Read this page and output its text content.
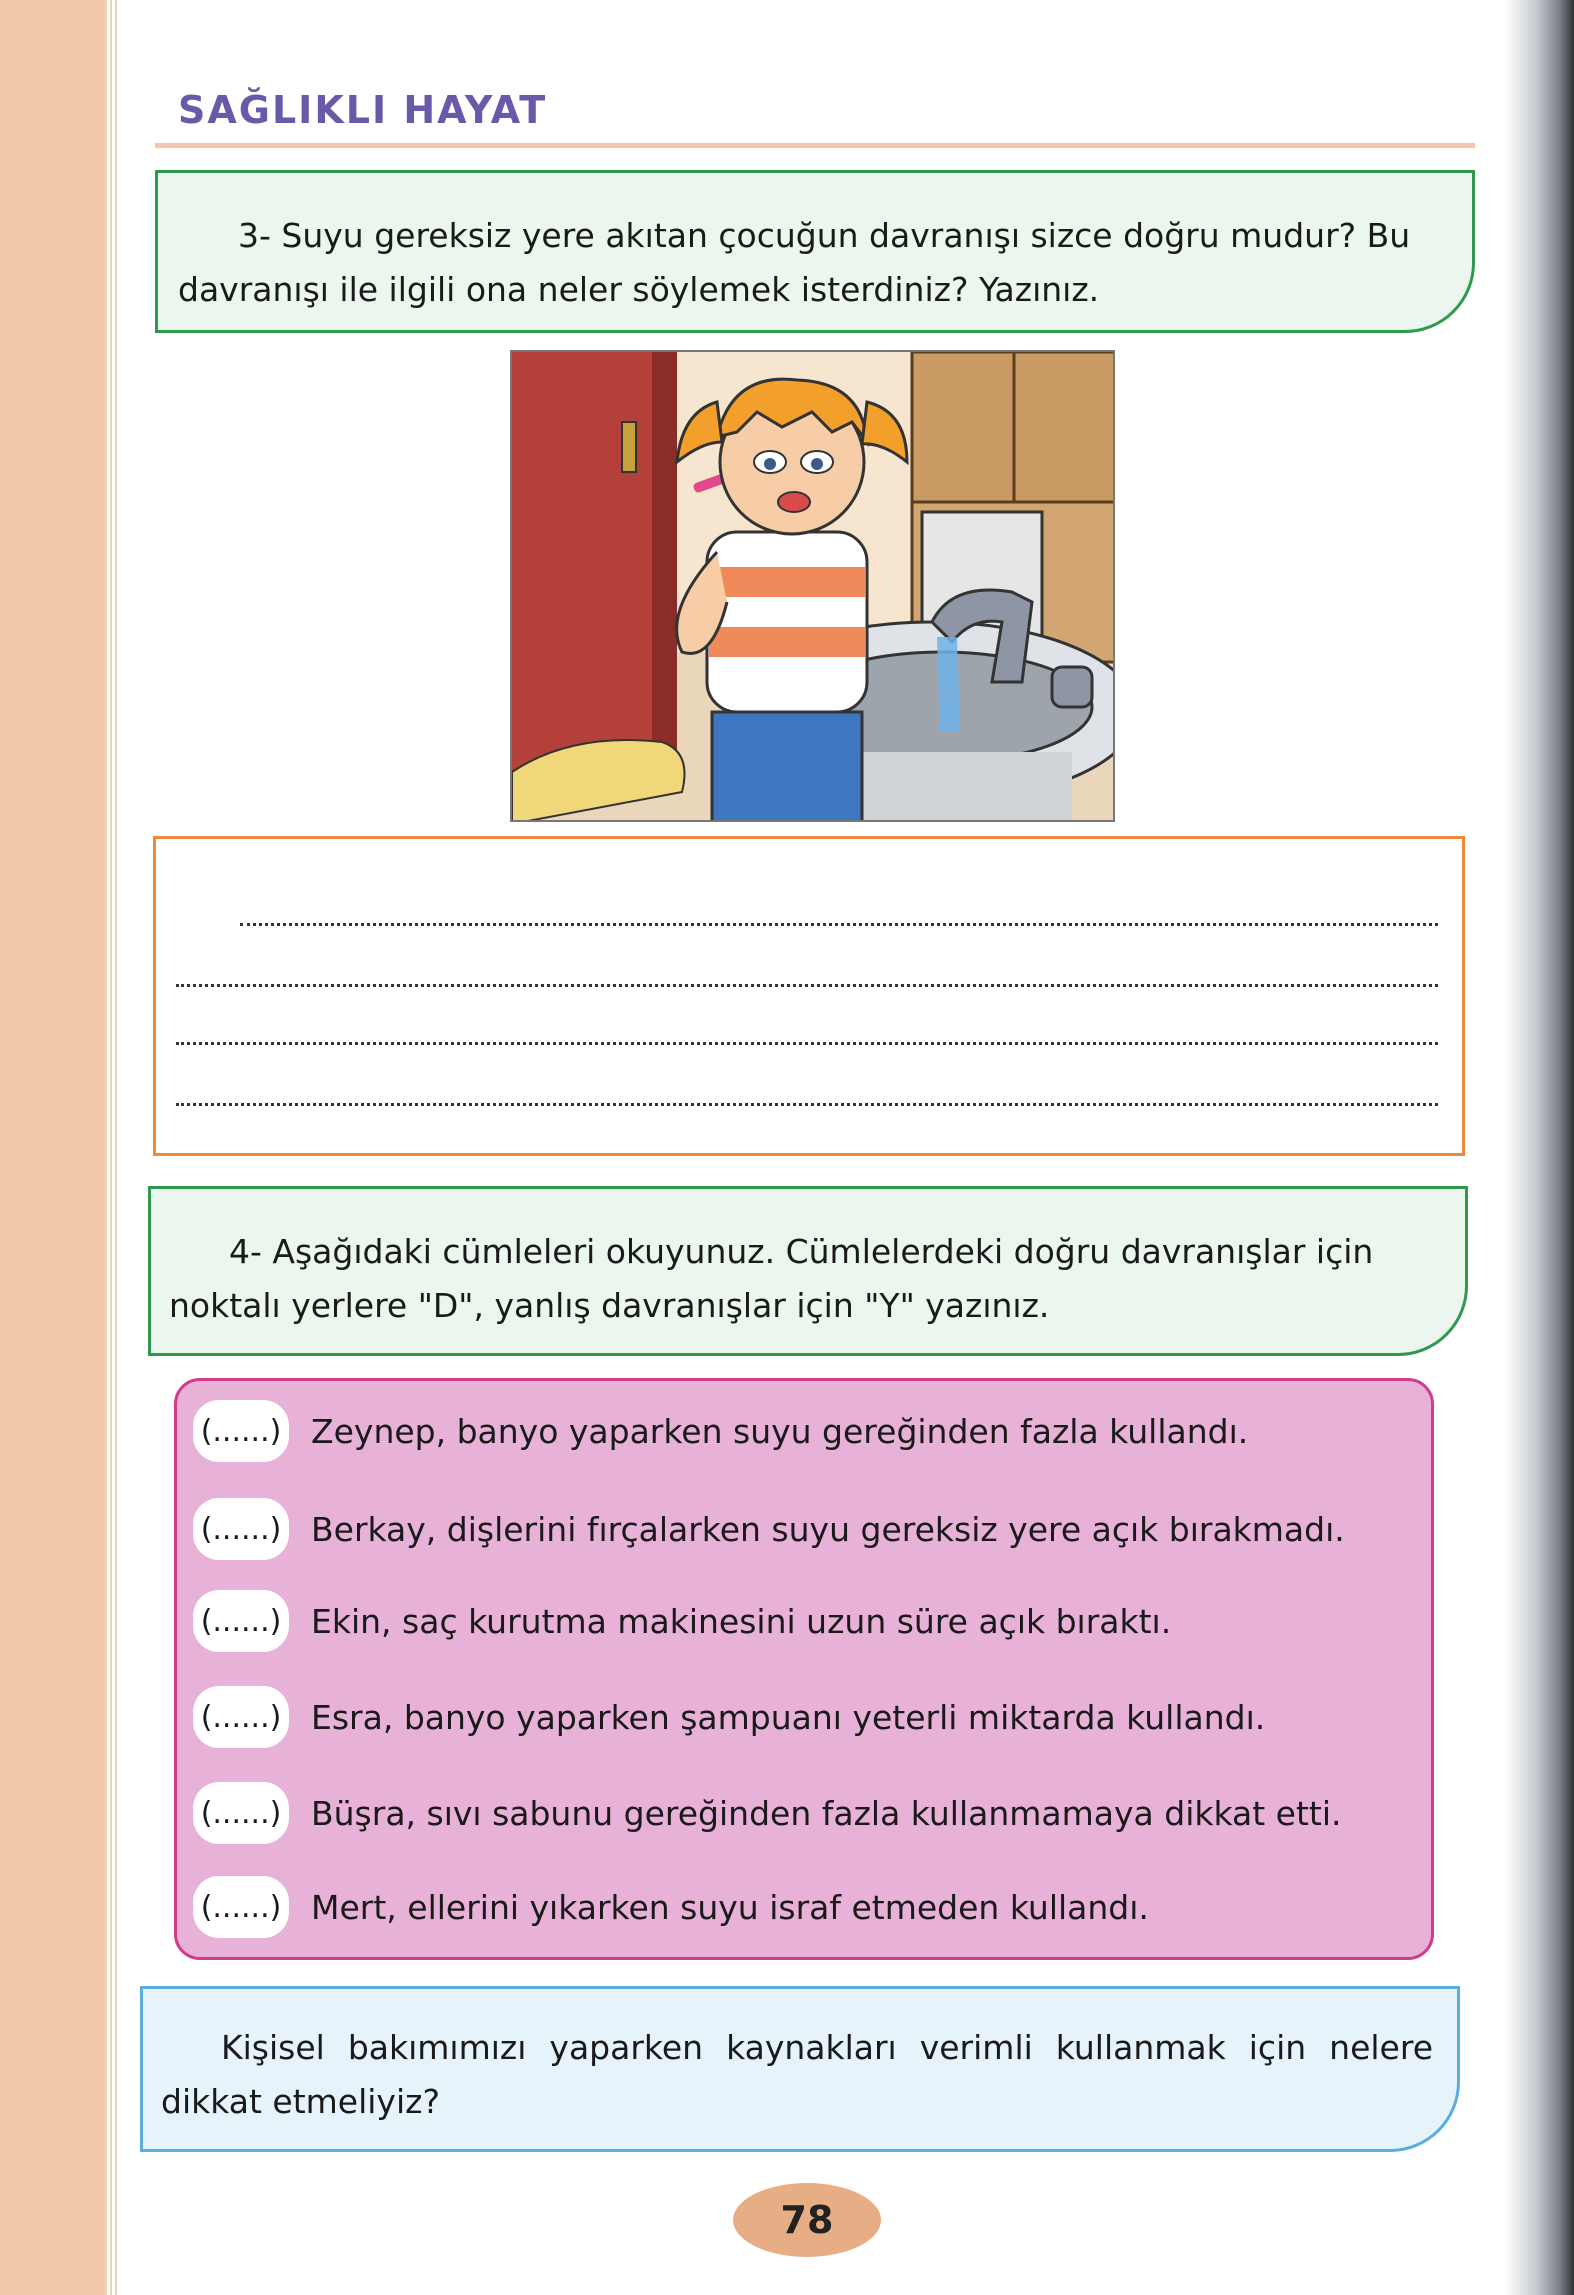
SAĞLIKLI HAYAT
3- Suyu gereksiz yere akıtan çocuğun davranışı sizce doğru mudur? Bu davranışı ile ilgili ona neler söylemek isterdiniz? Yazınız.
4- Aşağıdaki cümleleri okuyunuz. Cümlelerdeki doğru davranışlar için noktalı yerlere "D", yanlış davranışlar için "Y" yazınız.
(......) Zeynep, banyo yaparken suyu gereğinden fazla kullandı.
(......) Berkay, dişlerini fırçalarken suyu gereksiz yere açık bırakmadı.
(......) Ekin, saç kurutma makinesini uzun süre açık bıraktı.
(......) Esra, banyo yaparken şampuanı yeterli miktarda kullandı.
(......) Büşra, sıvı sabunu gereğinden fazla kullanmamaya dikkat etti.
(......) Mert, ellerini yıkarken suyu israf etmeden kullandı.
Kişisel bakımımızı yaparken kaynakları verimli kullanmak için nelere dikkat etmeliyiz?
78
